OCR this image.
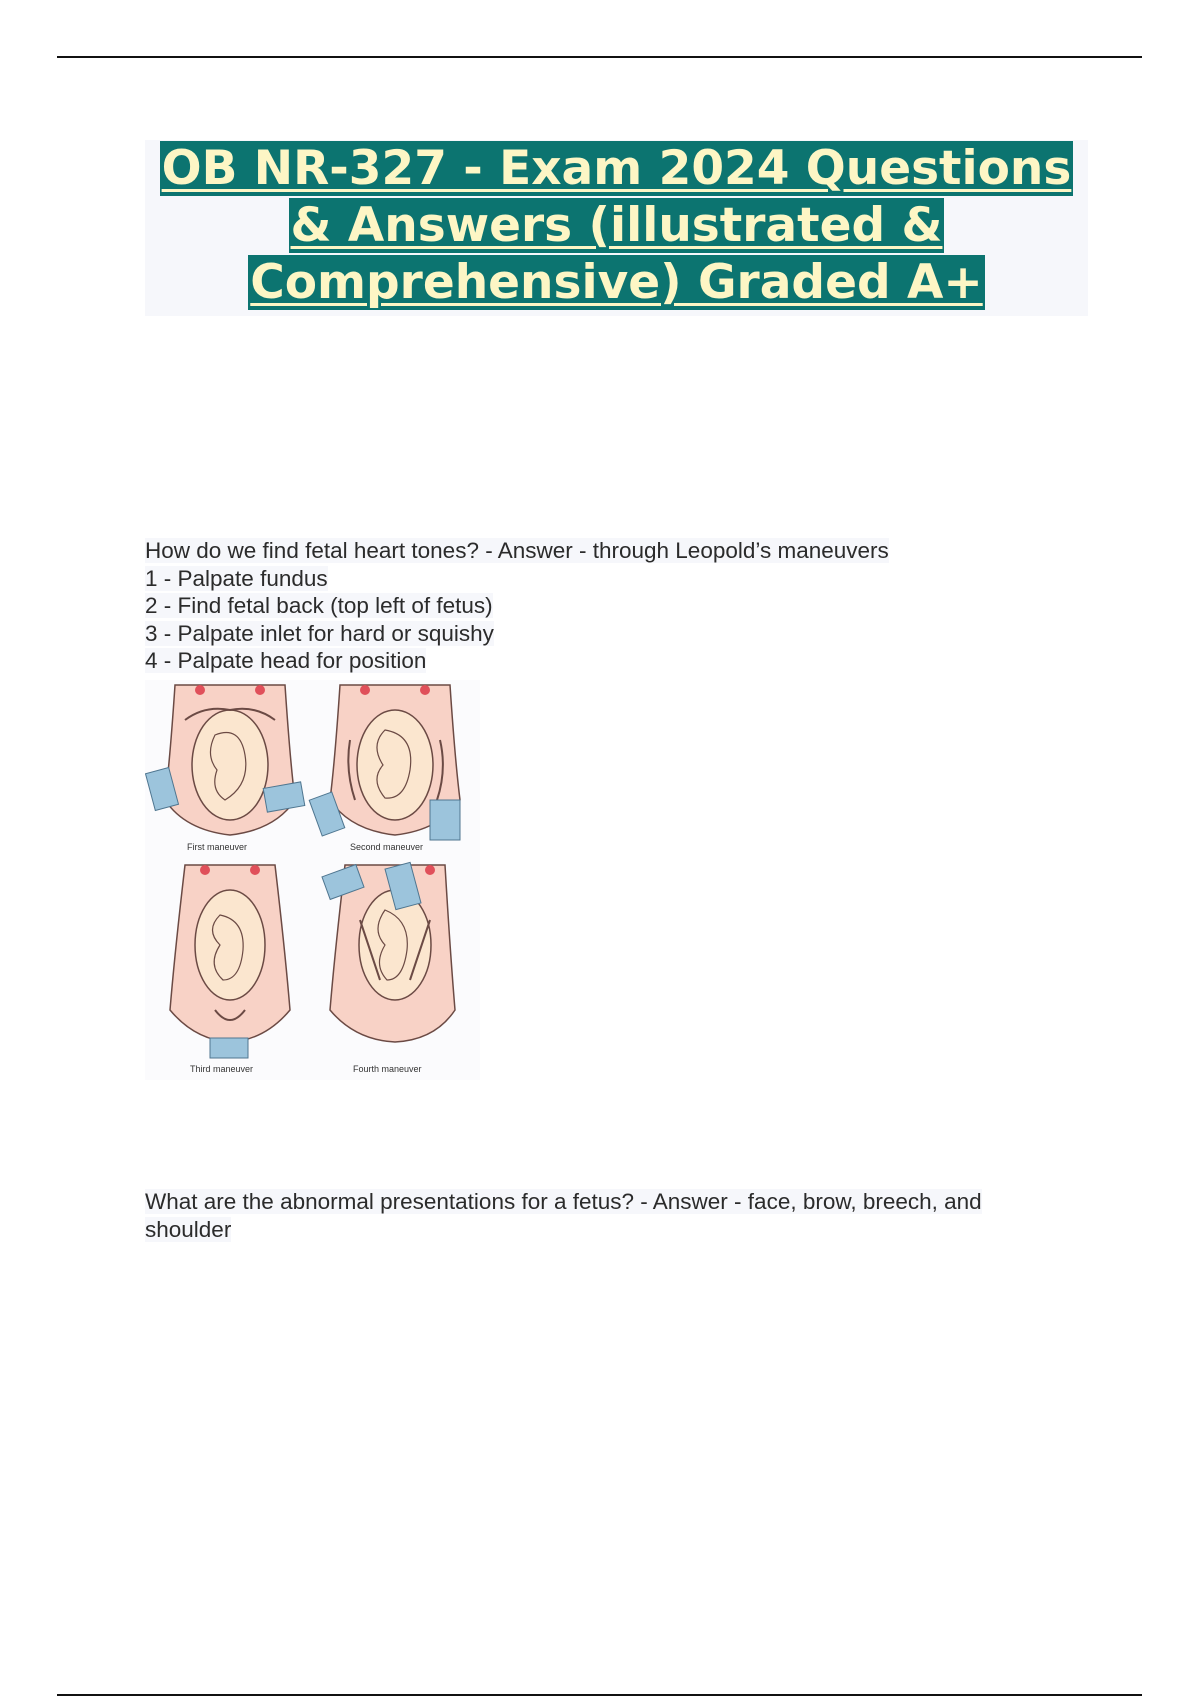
OB NR-327 - Exam 2024 Questions
& Answers (illustrated &
Comprehensive) Graded A+
How do we find fetal heart tones? - Answer - through Leopold’s maneuvers
1 - Palpate fundus
2 - Find fetal back (top left of fetus)
3 - Palpate inlet for hard or squishy
4 - Palpate head for position
First maneuver	Second maneuver
Third maneuver	Fourth maneuver
What are the abnormal presentations for a fetus? - Answer - face, brow, breech, and shoulder
